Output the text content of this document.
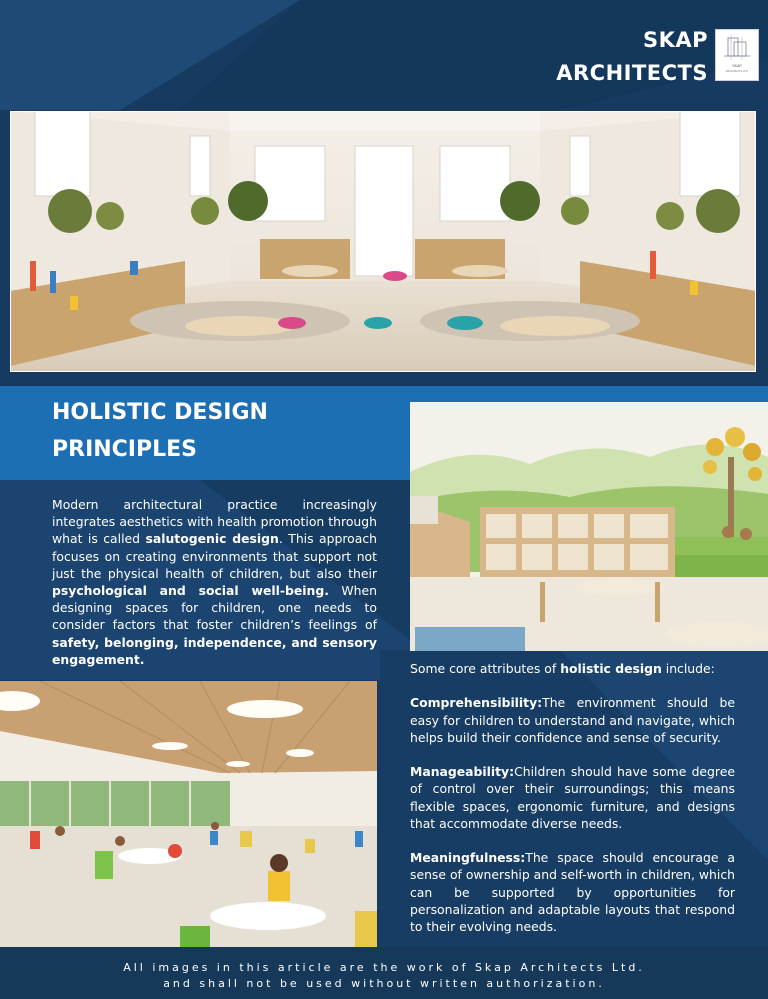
SKAP
ARCHITECTS	SKAP
ARCHITECTS LTD.
HOLISTIC DESIGN
PRINCIPLES

Modern architectural practice increasingly integrates aesthetics with health promotion through what is called salutogenic design. This approach focuses on creating environments that support not just the physical health of children, but also their psychological and social well-being. When designing spaces for children, one needs to consider factors that foster children’s feelings of safety, belonging, independence, and sensory engagement.

Some core attributes of holistic design include:

Comprehensibility:The environment should be easy for children to understand and navigate, which helps build their confidence and sense of security.

Manageability:Children should have some degree of control over their surroundings; this means flexible spaces, ergonomic furniture, and designs that accommodate diverse needs.

Meaningfulness:The space should encourage a sense of ownership and self-worth in children, which can be supported by opportunities for personalization and adaptable layouts that respond to their evolving needs.

All images in this article are the work of Skap Architects Ltd.
and shall not be used without written authorization.
